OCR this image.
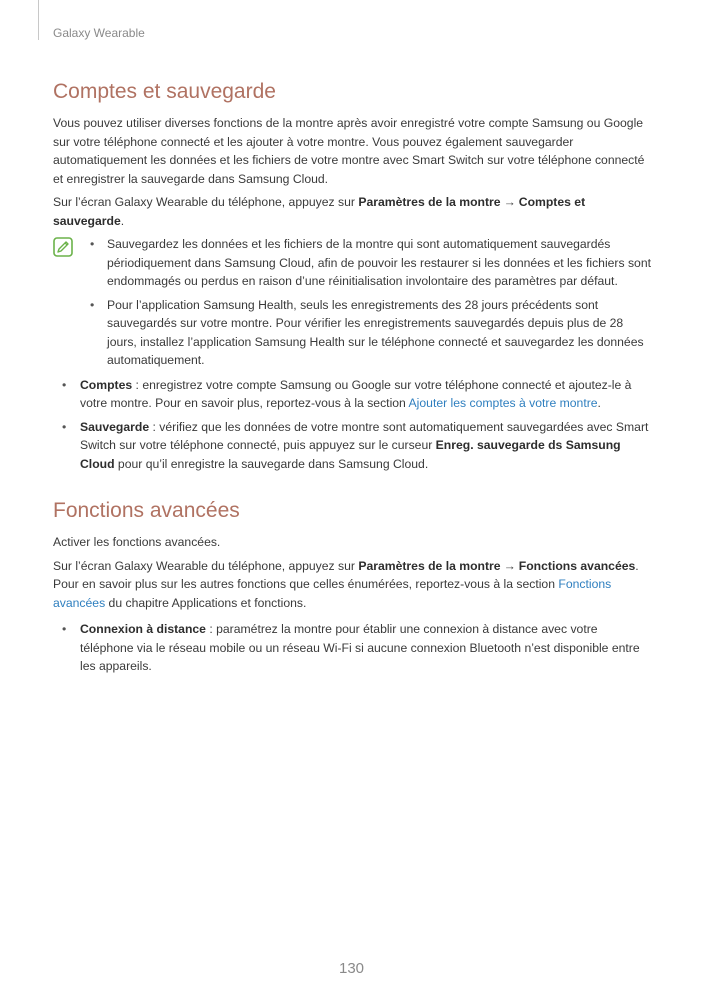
Galaxy Wearable
Comptes et sauvegarde

Vous pouvez utiliser diverses fonctions de la montre après avoir enregistré votre compte Samsung ou Google sur votre téléphone connecté et les ajouter à votre montre. Vous pouvez également sauvegarder automatiquement les données et les fichiers de votre montre avec Smart Switch sur votre téléphone connecté et enregistrer la sauvegarde dans Samsung Cloud.

Sur l’écran Galaxy Wearable du téléphone, appuyez sur Paramètres de la montre → Comptes et sauvegarde.

• Sauvegardez les données et les fichiers de la montre qui sont automatiquement sauvegardés périodiquement dans Samsung Cloud, afin de pouvoir les restaurer si les données et les fichiers sont endommagés ou perdus en raison d’une réinitialisation involontaire des paramètres par défaut.
• Pour l’application Samsung Health, seuls les enregistrements des 28 jours précédents sont sauvegardés sur votre montre. Pour vérifier les enregistrements sauvegardés depuis plus de 28 jours, installez l’application Samsung Health sur le téléphone connecté et sauvegardez les données automatiquement.
• Comptes : enregistrez votre compte Samsung ou Google sur votre téléphone connecté et ajoutez-le à votre montre. Pour en savoir plus, reportez-vous à la section Ajouter les comptes à votre montre.
• Sauvegarde : vérifiez que les données de votre montre sont automatiquement sauvegardées avec Smart Switch sur votre téléphone connecté, puis appuyez sur le curseur Enreg. sauvegarde ds Samsung Cloud pour qu’il enregistre la sauvegarde dans Samsung Cloud.
Fonctions avancées

Activer les fonctions avancées.

Sur l’écran Galaxy Wearable du téléphone, appuyez sur Paramètres de la montre → Fonctions avancées.
Pour en savoir plus sur les autres fonctions que celles énumérées, reportez-vous à la section Fonctions avancées du chapitre Applications et fonctions.

• Connexion à distance : paramétrez la montre pour établir une connexion à distance avec votre téléphone via le réseau mobile ou un réseau Wi-Fi si aucune connexion Bluetooth n’est disponible entre les appareils.
130
